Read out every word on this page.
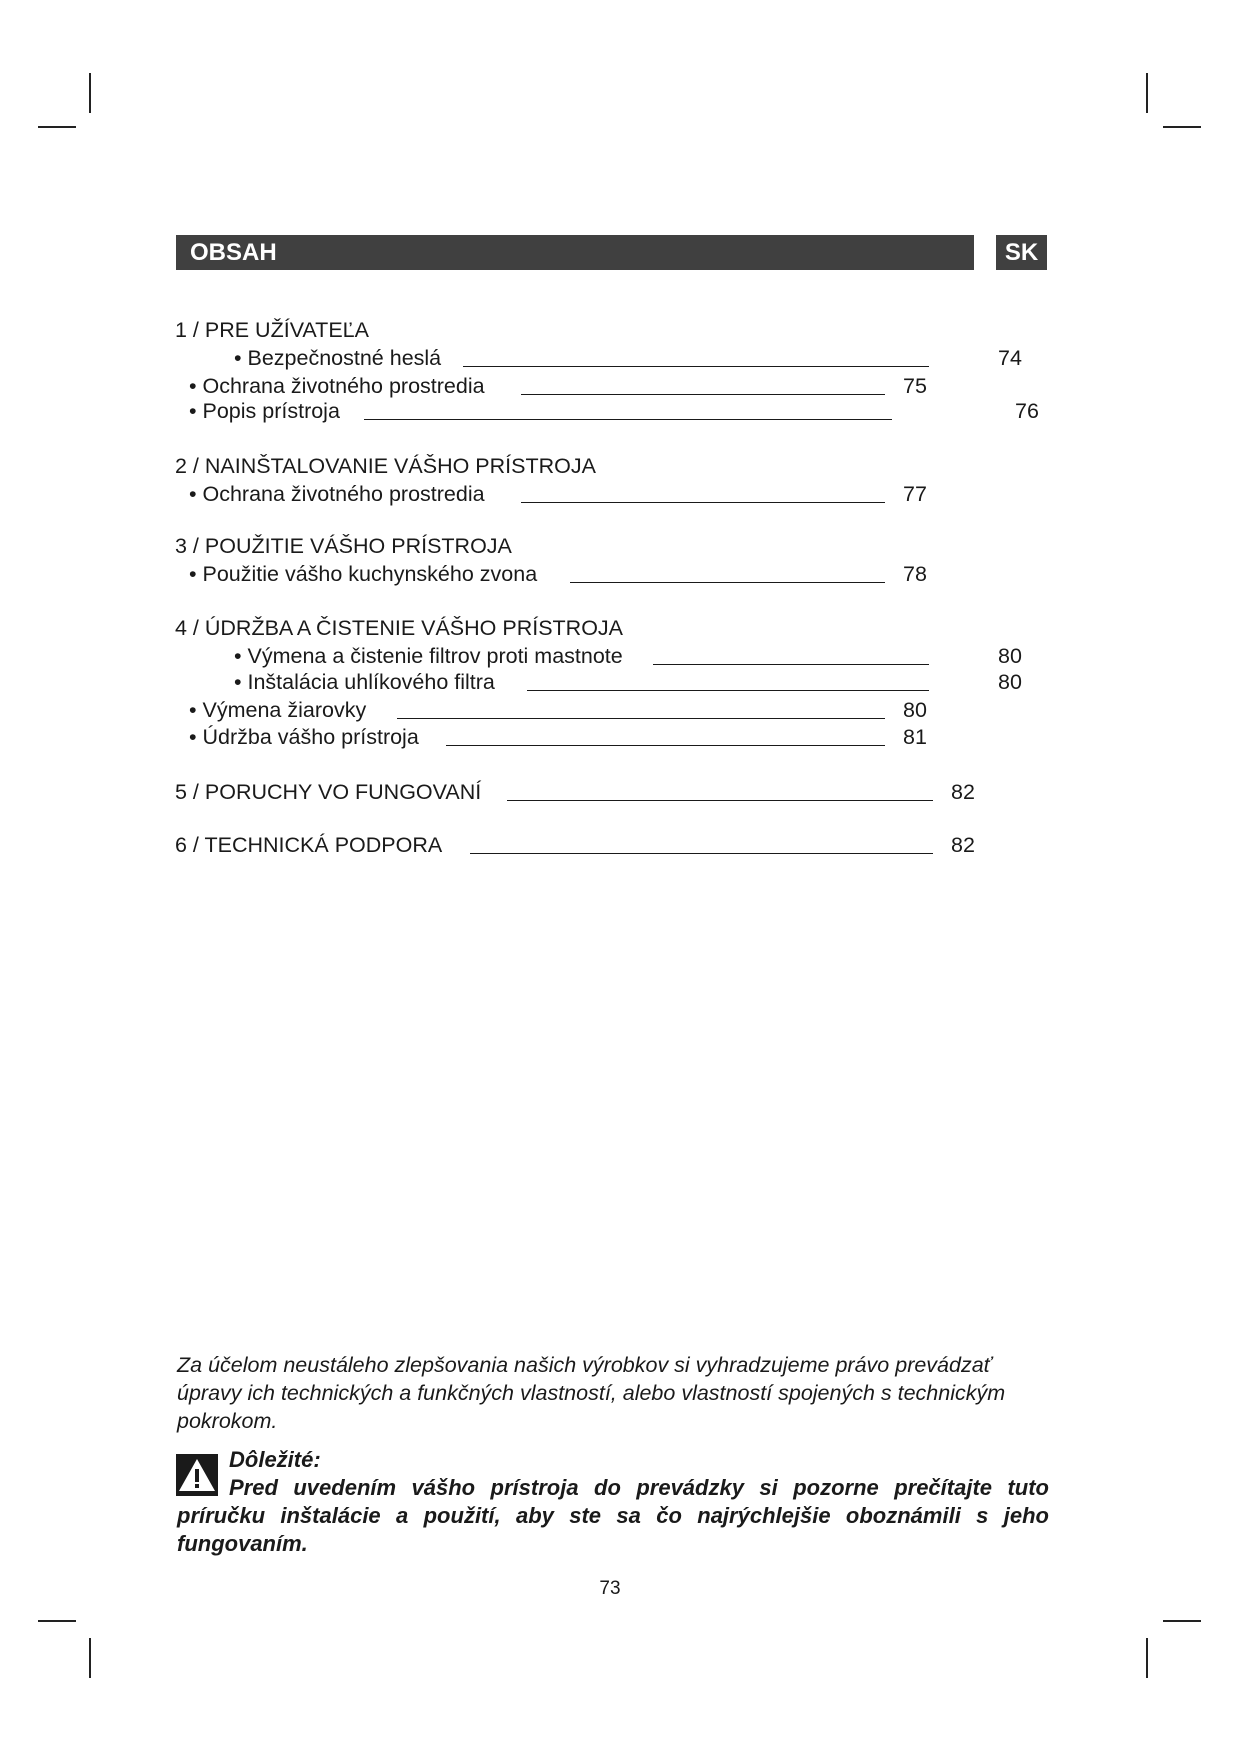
OBSAH	SK
1 / PRE UŽÍVATEĽA
• Bezpečnostné heslá	74
• Ochrana životného prostredia	75
• Popis prístroja	76
2 / NAINŠTALOVANIE VÁŠHO PRÍSTROJA
• Ochrana životného prostredia	77
3 / POUŽITIE VÁŠHO PRÍSTROJA
• Použitie vášho kuchynského zvona	78
4 / ÚDRŽBA A ČISTENIE VÁŠHO PRÍSTROJA
• Výmena a čistenie filtrov proti mastnote	80
• Inštalácia uhlíkového filtra	80
• Výmena žiarovky	80
• Údržba vášho prístroja	81
5 / PORUCHY VO FUNGOVANÍ	82
6 / TECHNICKÁ PODPORA	82
Za účelom neustáleho zlepšovania našich výrobkov si vyhradzujeme právo prevádzať úpravy ich technických a funkčných vlastností, alebo vlastností spojených s technickým pokrokom.
Dôležité:
Pred uvedením vášho prístroja do prevádzky si pozorne prečítajte tuto príručku inštalácie a použití, aby ste sa čo najrýchlejšie oboznámili s jeho fungovaním.
73
